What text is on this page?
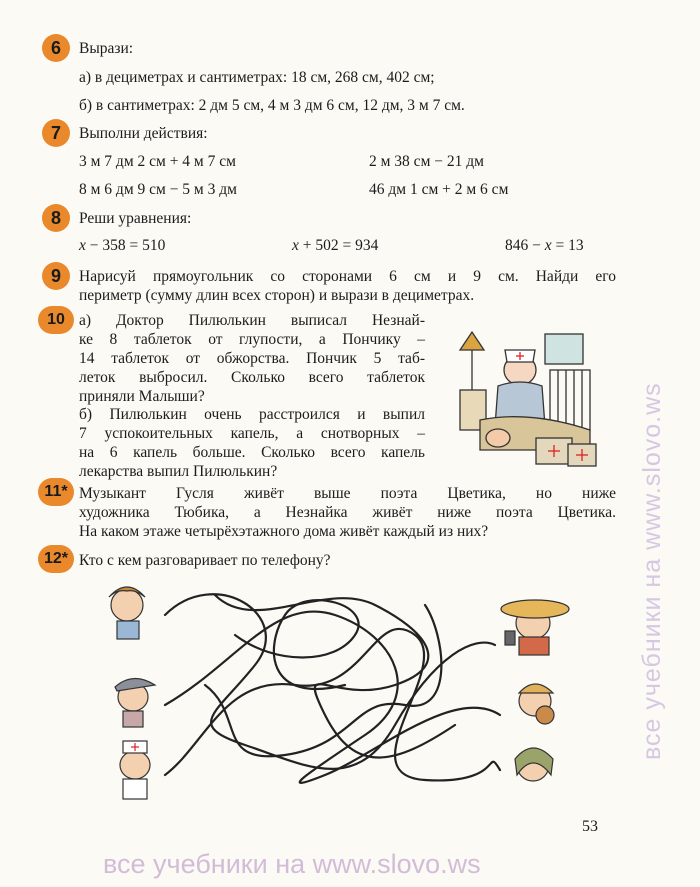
6	Вырази:
а) в дециметрах и сантиметрах: 18 см, 268 см, 402 см;
б) в сантиметрах: 2 дм 5 см, 4 м 3 дм 6 см, 12 дм, 3 м 7 см.
7	Выполни действия:
3 м 7 дм 2 см + 4 м 7 см	2 м 38 см − 21 дм
8 м 6 дм 9 см − 5 м 3 дм	46 дм 1 см + 2 м 6 см
8	Реши уравнения:
x − 358 = 510	x + 502 = 934	846 − x = 13
9	Нарисуй прямоугольник со сторонами 6 см и 9 см. Найди его
периметр (сумму длин всех сторон) и вырази в дециметрах.
10 а) Доктор Пилюлькин выписал Незнай-
ке 8 таблеток от глупости, а Пончику –
14 таблеток от обжорства. Пончик 5 таб-
леток выбросил. Сколько всего таблеток
приняли Малыши?
б) Пилюлькин очень расстроился и выпил
7 успокоительных капель, а снотворных –
на 6 капель больше. Сколько всего капель
лекарства выпил Пилюлькин?
11* Музыкант Гусля живёт выше поэта Цветика, но ниже
художника Тюбика, а Незнайка живёт ниже поэта Цветика.
На каком этаже четырёхэтажного дома живёт каждый из них?
12* Кто с кем разговаривает по телефону?
53
все учебники на www.slovo.ws
все учебники на www.slovo.ws
